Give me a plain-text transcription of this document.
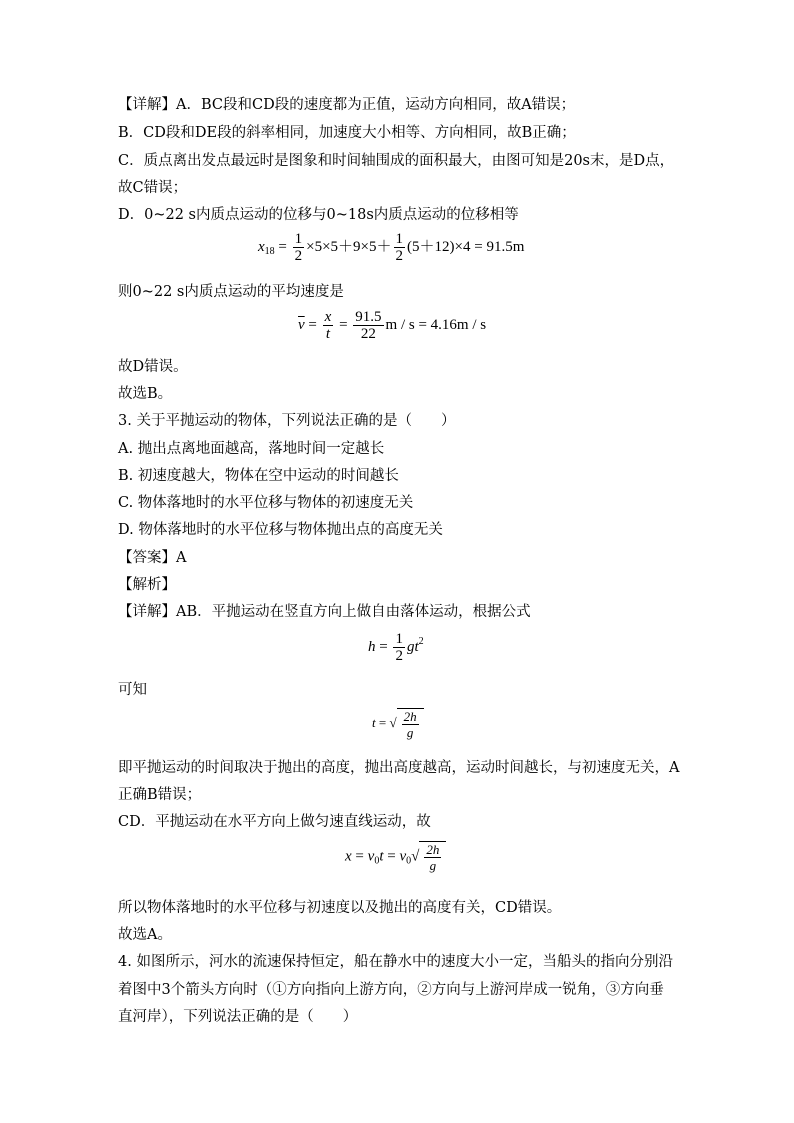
【详解】A．BC段和CD段的速度都为正值，运动方向相同，故A错误；
B．CD段和DE段的斜率相同，加速度大小相等、方向相同，故B正确；
C．质点离出发点最远时是图象和时间轴围成的面积最大，由图可知是20s末，是D点，
故C错误；
D．0~22 s内质点运动的位移与0~18s内质点运动的位移相等
$x_{18} = \frac{1}{2} \times 5\times 5+9\times 5+ \frac{1}{2} (5+12)\times 4 = 91.5m$
则0~22 s内质点运动的平均速度是
$\overline{v} = \frac{x}{t} = \frac{91.5}{22}$ m / s = 4.16m / s
故D错误。
故选B。
3. 关于平抛运动的物体，下列说法正确的是（　　）
A. 抛出点离地面越高，落地时间一定越长
B. 初速度越大，物体在空中运动的时间越长
C. 物体落地时的水平位移与物体的初速度无关
D. 物体落地时的水平位移与物体抛出点的高度无关
【答案】A
【解析】
【详解】AB．平抛运动在竖直方向上做自由落体运动，根据公式
$h = \frac{1}{2} gt^2$
可知
t = √ $\frac{2h}{g}$
即平抛运动的时间取决于抛出的高度，抛出高度越高，运动时间越长，与初速度无关，A
正确B错误；
CD．平抛运动在水平方向上做匀速直线运动，故
$x = v_0t = v_0√ \frac{2h}{g}$
所以物体落地时的水平位移与初速度以及抛出的高度有关，CD错误。
故选A。
4. 如图所示，河水的流速保持恒定，船在静水中的速度大小一定，当船头的指向分别沿
着图中3个箭头方向时（①方向指向上游方向，②方向与上游河岸成一锐角，③方向垂
直河岸），下列说法正确的是（　　）
